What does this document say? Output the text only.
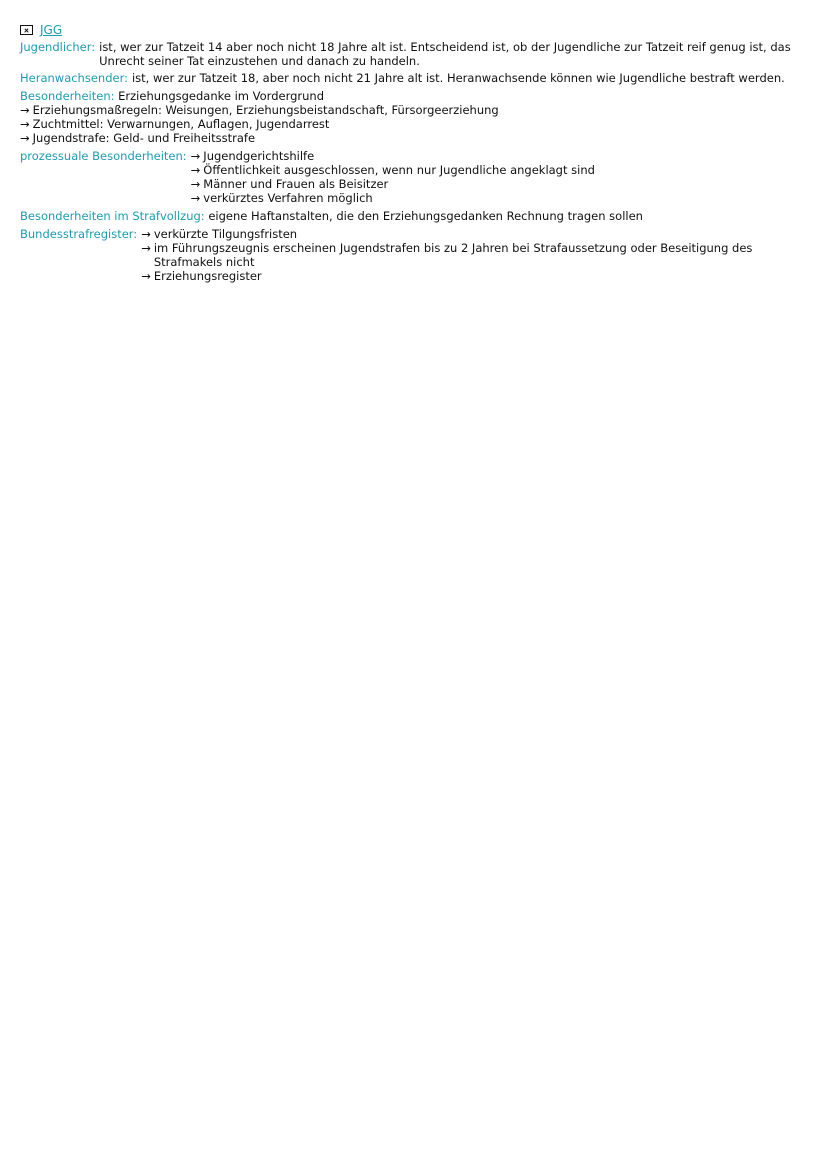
JGG
Jugendlicher: ist, wer zur Tatzeit 14 aber noch nicht 18 Jahre alt ist. Entscheidend ist, ob der Jugendliche zur Tatzeit reif genug ist, das Unrecht seiner Tat einzustehen und danach zu handeln.
Heranwachsender: ist, wer zur Tatzeit 18, aber noch nicht 21 Jahre alt ist. Heranwachsende können wie Jugendliche bestraft werden.
Besonderheiten: Erziehungsgedanke im Vordergrund
→ Erziehungsmaßregeln: Weisungen, Erziehungsbeistandschaft, Fürsorgeerziehung
→ Zuchtmittel: Verwarnungen, Auflagen, Jugendarrest
→ Jugendstrafe: Geld- und Freiheitsstrafe
prozessuale Besonderheiten: → Jugendgerichtshilfe
→ Öffentlichkeit ausgeschlossen, wenn nur Jugendliche angeklagt sind
→ Männer und Frauen als Beisitzer
→ verkürztes Verfahren möglich
Besonderheiten im Strafvollzug: eigene Haftanstalten, die den Erziehungsgedanken Rechnung tragen sollen
Bundesstrafregister: → verkürzte Tilgungsfristen
→ im Führungszeugnis erscheinen Jugendstrafen bis zu 2 Jahren bei Strafaussetzung oder Beseitigung des Strafmakels nicht
→ Erziehungsregister
